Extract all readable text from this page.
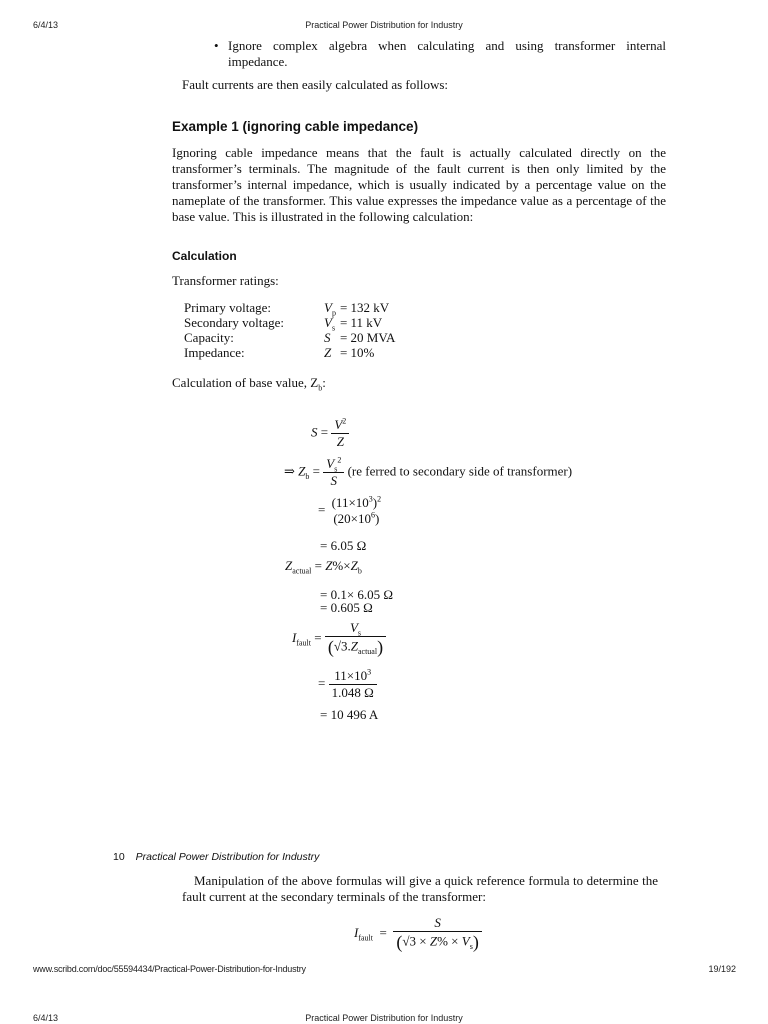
6/4/13	Practical Power Distribution for Industry
• Ignore complex algebra when calculating and using transformer internal impedance.
Fault currents are then easily calculated as follows:
Example 1 (ignoring cable impedance)
Ignoring cable impedance means that the fault is actually calculated directly on the transformer’s terminals. The magnitude of the fault current is then only limited by the transformer’s internal impedance, which is usually indicated by a percentage value on the nameplate of the transformer. This value expresses the impedance value as a percentage of the base value. This is illustrated in the following calculation:
Calculation
Transformer ratings:
Primary voltage:	$V_p$	= 132 kV
Secondary voltage:	$V_s$	= 11 kV
Capacity:	S	= 20 MVA
Impedance:	Z	= 10%
Calculation of base value, $Z_b$:
$S = \frac{V^2}{Z}$
⇒ $Z_b = \frac{V_s^2}{S} (re$ ferred to secondary side of transformer)
= $(11\times 10^3)^2$
$(20\times 10^6)$
= 6.05 Ω
$Z_{actual} = Z\%\times Z_b$
= 0.1× 6.05 Ω
= 0.605 Ω
$I_{fault} = \frac{V_s}{(√3.Z_{actual})}$
= $\frac{11\times 10^3}{1.048 \Omega}$
= 10 496 A
10 Practical Power Distribution for Industry
Manipulation of the above formulas will give a quick reference formula to determine the fault current at the secondary terminals of the transformer:
$I_{fault} = \frac{S}{(√3 \times Z\% \times V_s)}$
www.scribd.com/doc/55594434/Practical-Power-Distribution-for-Industry	19/192
6/4/13	Practical Power Distribution for Industry
